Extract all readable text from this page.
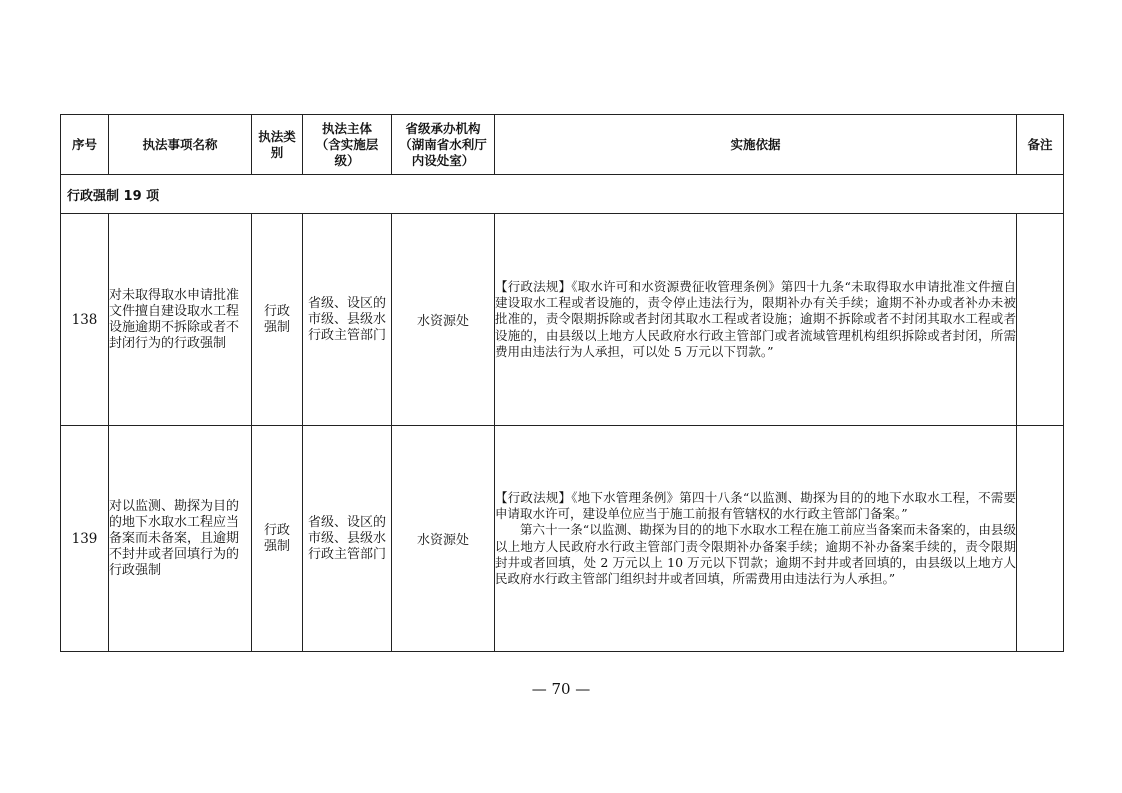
序号	执法事项名称	执法类别	执法主体（含实施层级）	省级承办机构（湖南省水利厅内设处室）	实施依据	备注
行政强制 19 项						
138	对未取得取水申请批准文件擅自建设取水工程设施逾期不拆除或者不封闭行为的行政强制	行政强制	省级、设区的市级、县级水行政主管部门	水资源处	【行政法规】《取水许可和水资源费征收管理条例》第四十九条“未取得取水申请批准文件擅自建设取水工程或者设施的，责令停止违法行为，限期补办有关手续；逾期不补办或者补办未被批准的，责令限期拆除或者封闭其取水工程或者设施；逾期不拆除或者不封闭其取水工程或者设施的，由县级以上地方人民政府水行政主管部门或者流域管理机构组织拆除或者封闭，所需费用由违法行为人承担，可以处 5 万元以下罚款。”	

139	对以监测、勘探为目的的地下水取水工程应当备案而未备案，且逾期不封井或者回填行为的行政强制	行政强制	省级、设区的市级、县级水行政主管部门	水资源处	【行政法规】《地下水管理条例》第四十八条“以监测、勘探为目的的地下水取水工程，不需要申请取水许可，建设单位应当于施工前报有管辖权的水行政主管部门备案。”

第六十一条“以监测、勘探为目的的地下水取水工程在施工前应当备案而未备案的，由县级以上地方人民政府水行政主管部门责令限期补办备案手续；逾期不补办备案手续的，责令限期封井或者回填，处 2 万元以上 10 万元以下罚款；逾期不封井或者回填的，由县级以上地方人民政府水行政主管部门组织封井或者回填，所需费用由违法行为人承担。”	

— 70 —
